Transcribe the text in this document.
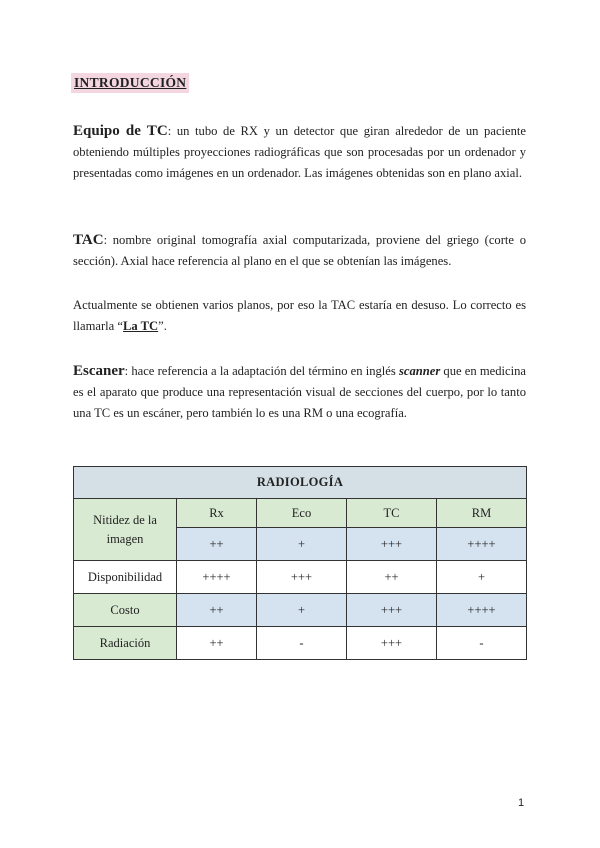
INTRODUCCIÓN

Equipo de TC: un tubo de RX y un detector que giran alrededor de un paciente obteniendo múltiples proyecciones radiográficas que son procesadas por un ordenador y presentadas como imágenes en un ordenador. Las imágenes obtenidas son en plano axial.

TAC: nombre original tomografía axial computarizada, proviene del griego (corte o sección). Axial hace referencia al plano en el que se obtenían las imágenes.

Actualmente se obtienen varios planos, por eso la TAC estaría en desuso. Lo correcto es llamarla “La TC”.

Escaner: hace referencia a la adaptación del término en inglés scanner que en medicina es el aparato que produce una representación visual de secciones del cuerpo, por lo tanto una TC es un escáner, pero también lo es una RM o una ecografía.

RADIOLOGÍA				
Nitidez de la imagen	Rx	Eco	TC	RM
	++	+	+++	++++
Disponibilidad	++++	+++	++	+
Costo	++	+	+++	++++
Radiación	++	-	+++	-
1
